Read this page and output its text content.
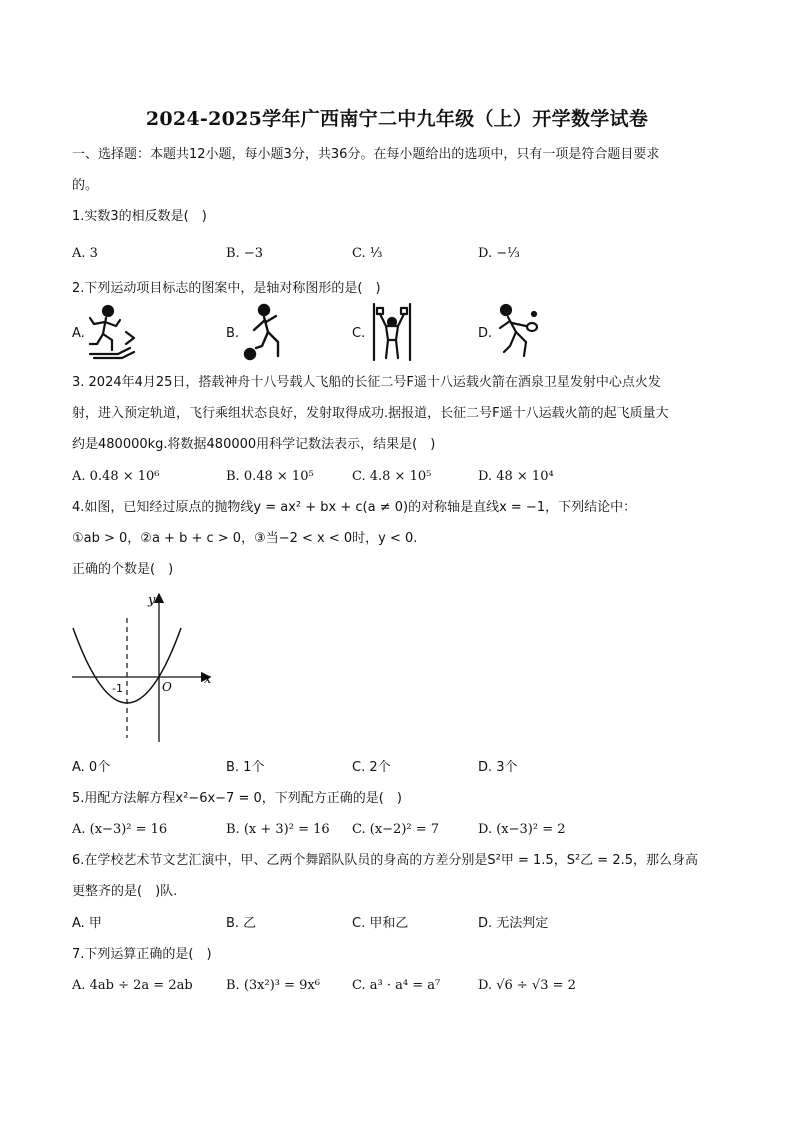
2024-2025学年广西南宁二中九年级（上）开学数学试卷
一、选择题：本题共12小题，每小题3分，共36分。在每小题给出的选项中，只有一项是符合题目要求
的。
1.实数3的相反数是(　)
A. 3	B. −3	C. ⅓	D. −⅓
2.下列运动项目标志的图案中，是轴对称图形的是(　)
A.	B.	C.	D.
3. 2024年4月25日，搭载神舟十八号载人飞船的长征二号F遥十八运载火箭在酒泉卫星发射中心点火发
射，进入预定轨道，飞行乘组状态良好，发射取得成功.据报道，长征二号F遥十八运载火箭的起飞质量大
约是480000kg.将数据480000用科学记数法表示，结果是(　)
A. 0.48 × 10⁶	B. 0.48 × 10⁵	C. 4.8 × 10⁵	D. 48 × 10⁴
4.如图，已知经过原点的抛物线y = ax² + bx + c(a ≠ 0)的对称轴是直线x = −1，下列结论中：
①ab > 0，②a + b + c > 0，③当−2 < x < 0时，y < 0.
正确的个数是(　)
y
x
O
-1
A. 0个	B. 1个	C. 2个	D. 3个
5.用配方法解方程x²−6x−7 = 0，下列配方正确的是(　)
A. (x−3)² = 16	B. (x + 3)² = 16 C. (x−2)² = 7	D. (x−3)² = 2
6.在学校艺术节文艺汇演中，甲、乙两个舞蹈队队员的身高的方差分别是S²甲 = 1.5，S²乙 = 2.5，那么身高
更整齐的是(　)队.
A. 甲	B. 乙	C. 甲和乙	D. 无法判定
7.下列运算正确的是(　)
A. 4ab ÷ 2a = 2ab	B. (3x²)³ = 9x⁶ C. a³ · a⁴ = a⁷	D. √6 ÷ √3 = 2
